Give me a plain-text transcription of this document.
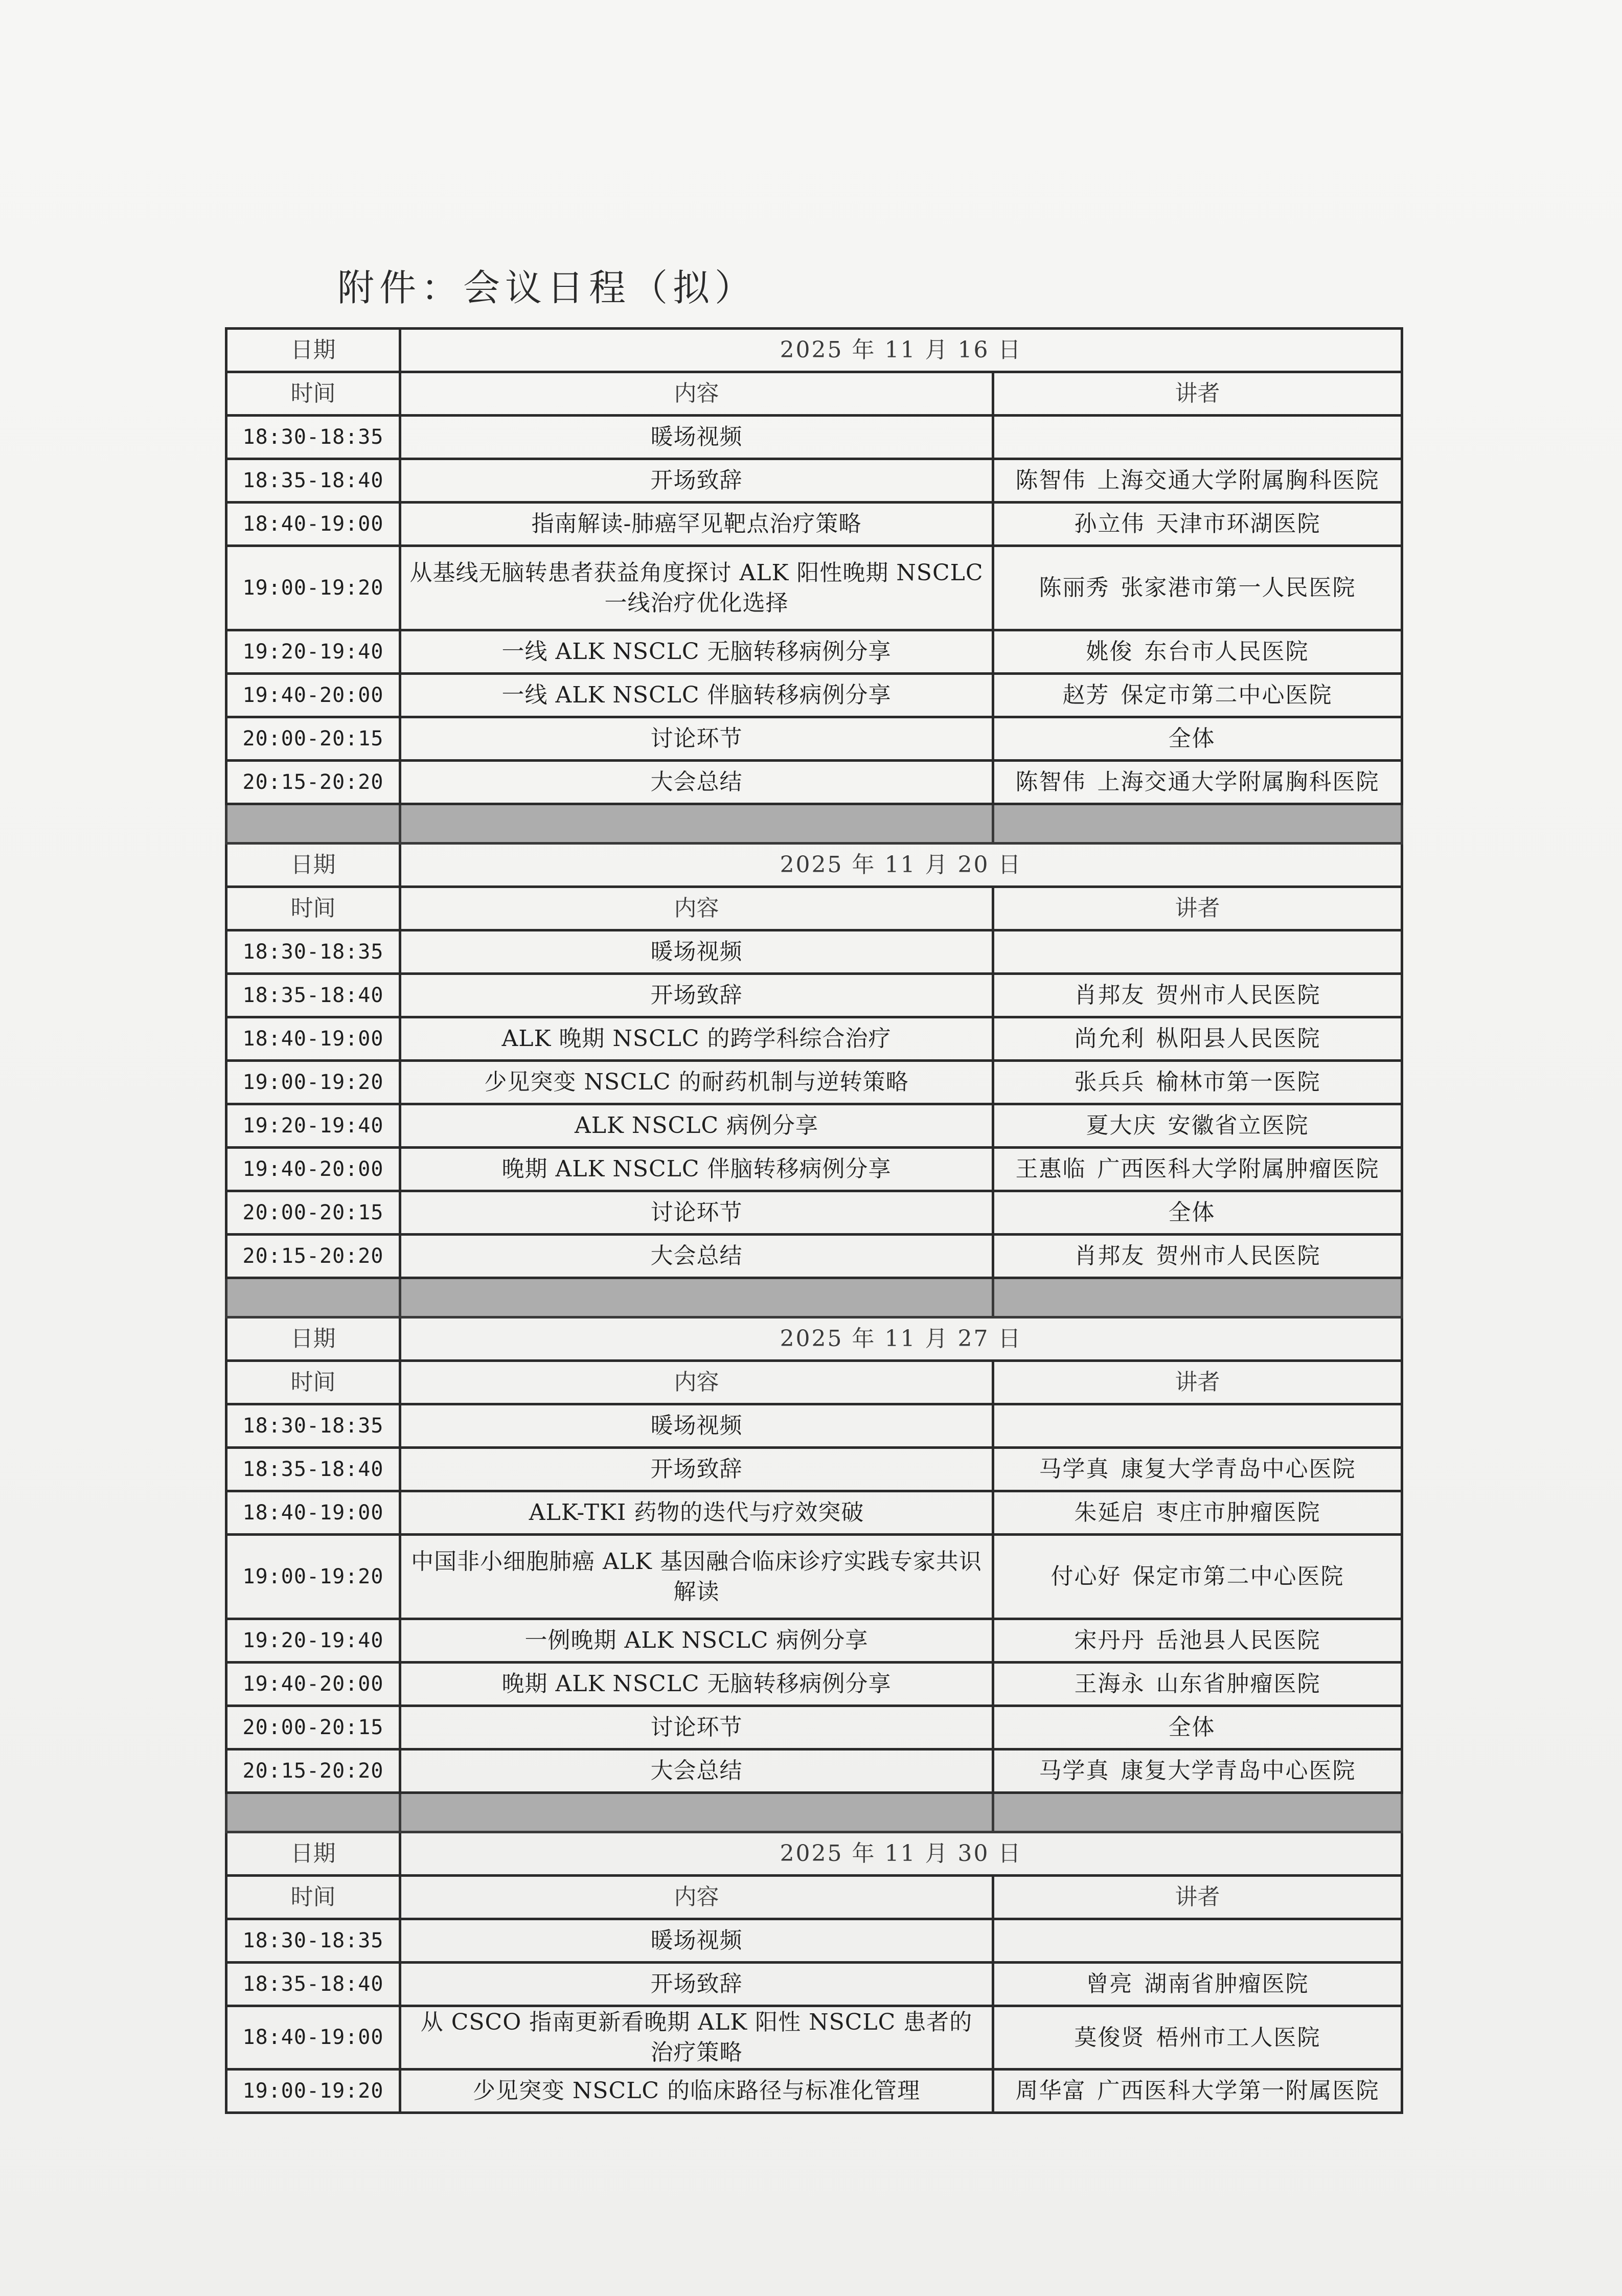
附件：会议日程（拟）
日期	2025 年 11 月 16 日	
时间	内容	讲者
18:30-18:35	暖场视频	
18:35-18:40	开场致辞	陈智伟 上海交通大学附属胸科医院
18:40-19:00	指南解读-肺癌罕见靶点治疗策略	孙立伟 天津市环湖医院
19:00-19:20	从基线无脑转患者获益角度探讨 ALK 阳性晚期 NSCLC 一线治疗优化选择	陈丽秀 张家港市第一人民医院
19:20-19:40	一线 ALK NSCLC 无脑转移病例分享	姚俊 东台市人民医院
19:40-20:00	一线 ALK NSCLC 伴脑转移病例分享	赵芳 保定市第二中心医院
20:00-20:15	讨论环节	全体
20:15-20:20	大会总结	陈智伟 上海交通大学附属胸科医院

日期	2025 年 11 月 20 日	
时间	内容	讲者
18:30-18:35	暖场视频	
18:35-18:40	开场致辞	肖邦友 贺州市人民医院
18:40-19:00	ALK 晚期 NSCLC 的跨学科综合治疗	尚允利 枞阳县人民医院
19:00-19:20	少见突变 NSCLC 的耐药机制与逆转策略	张兵兵 榆林市第一医院
19:20-19:40	ALK NSCLC 病例分享	夏大庆 安徽省立医院
19:40-20:00	晚期 ALK NSCLC 伴脑转移病例分享	王惠临 广西医科大学附属肿瘤医院
20:00-20:15	讨论环节	全体
20:15-20:20	大会总结	肖邦友 贺州市人民医院

日期	2025 年 11 月 27 日	
时间	内容	讲者
18:30-18:35	暖场视频	
18:35-18:40	开场致辞	马学真 康复大学青岛中心医院
18:40-19:00	ALK-TKI 药物的迭代与疗效突破	朱延启 枣庄市肿瘤医院
19:00-19:20	中国非小细胞肺癌 ALK 基因融合临床诊疗实践专家共识解读	付心好 保定市第二中心医院
19:20-19:40	一例晚期 ALK NSCLC 病例分享	宋丹丹 岳池县人民医院
19:40-20:00	晚期 ALK NSCLC 无脑转移病例分享	王海永 山东省肿瘤医院
20:00-20:15	讨论环节	全体
20:15-20:20	大会总结	马学真 康复大学青岛中心医院

日期	2025 年 11 月 30 日	
时间	内容	讲者
18:30-18:35	暖场视频	
18:35-18:40	开场致辞	曾亮 湖南省肿瘤医院
18:40-19:00	从 CSCO 指南更新看晚期 ALK 阳性 NSCLC 患者的治疗策略	莫俊贤 梧州市工人医院
19:00-19:20	少见突变 NSCLC 的临床路径与标准化管理	周华富 广西医科大学第一附属医院
